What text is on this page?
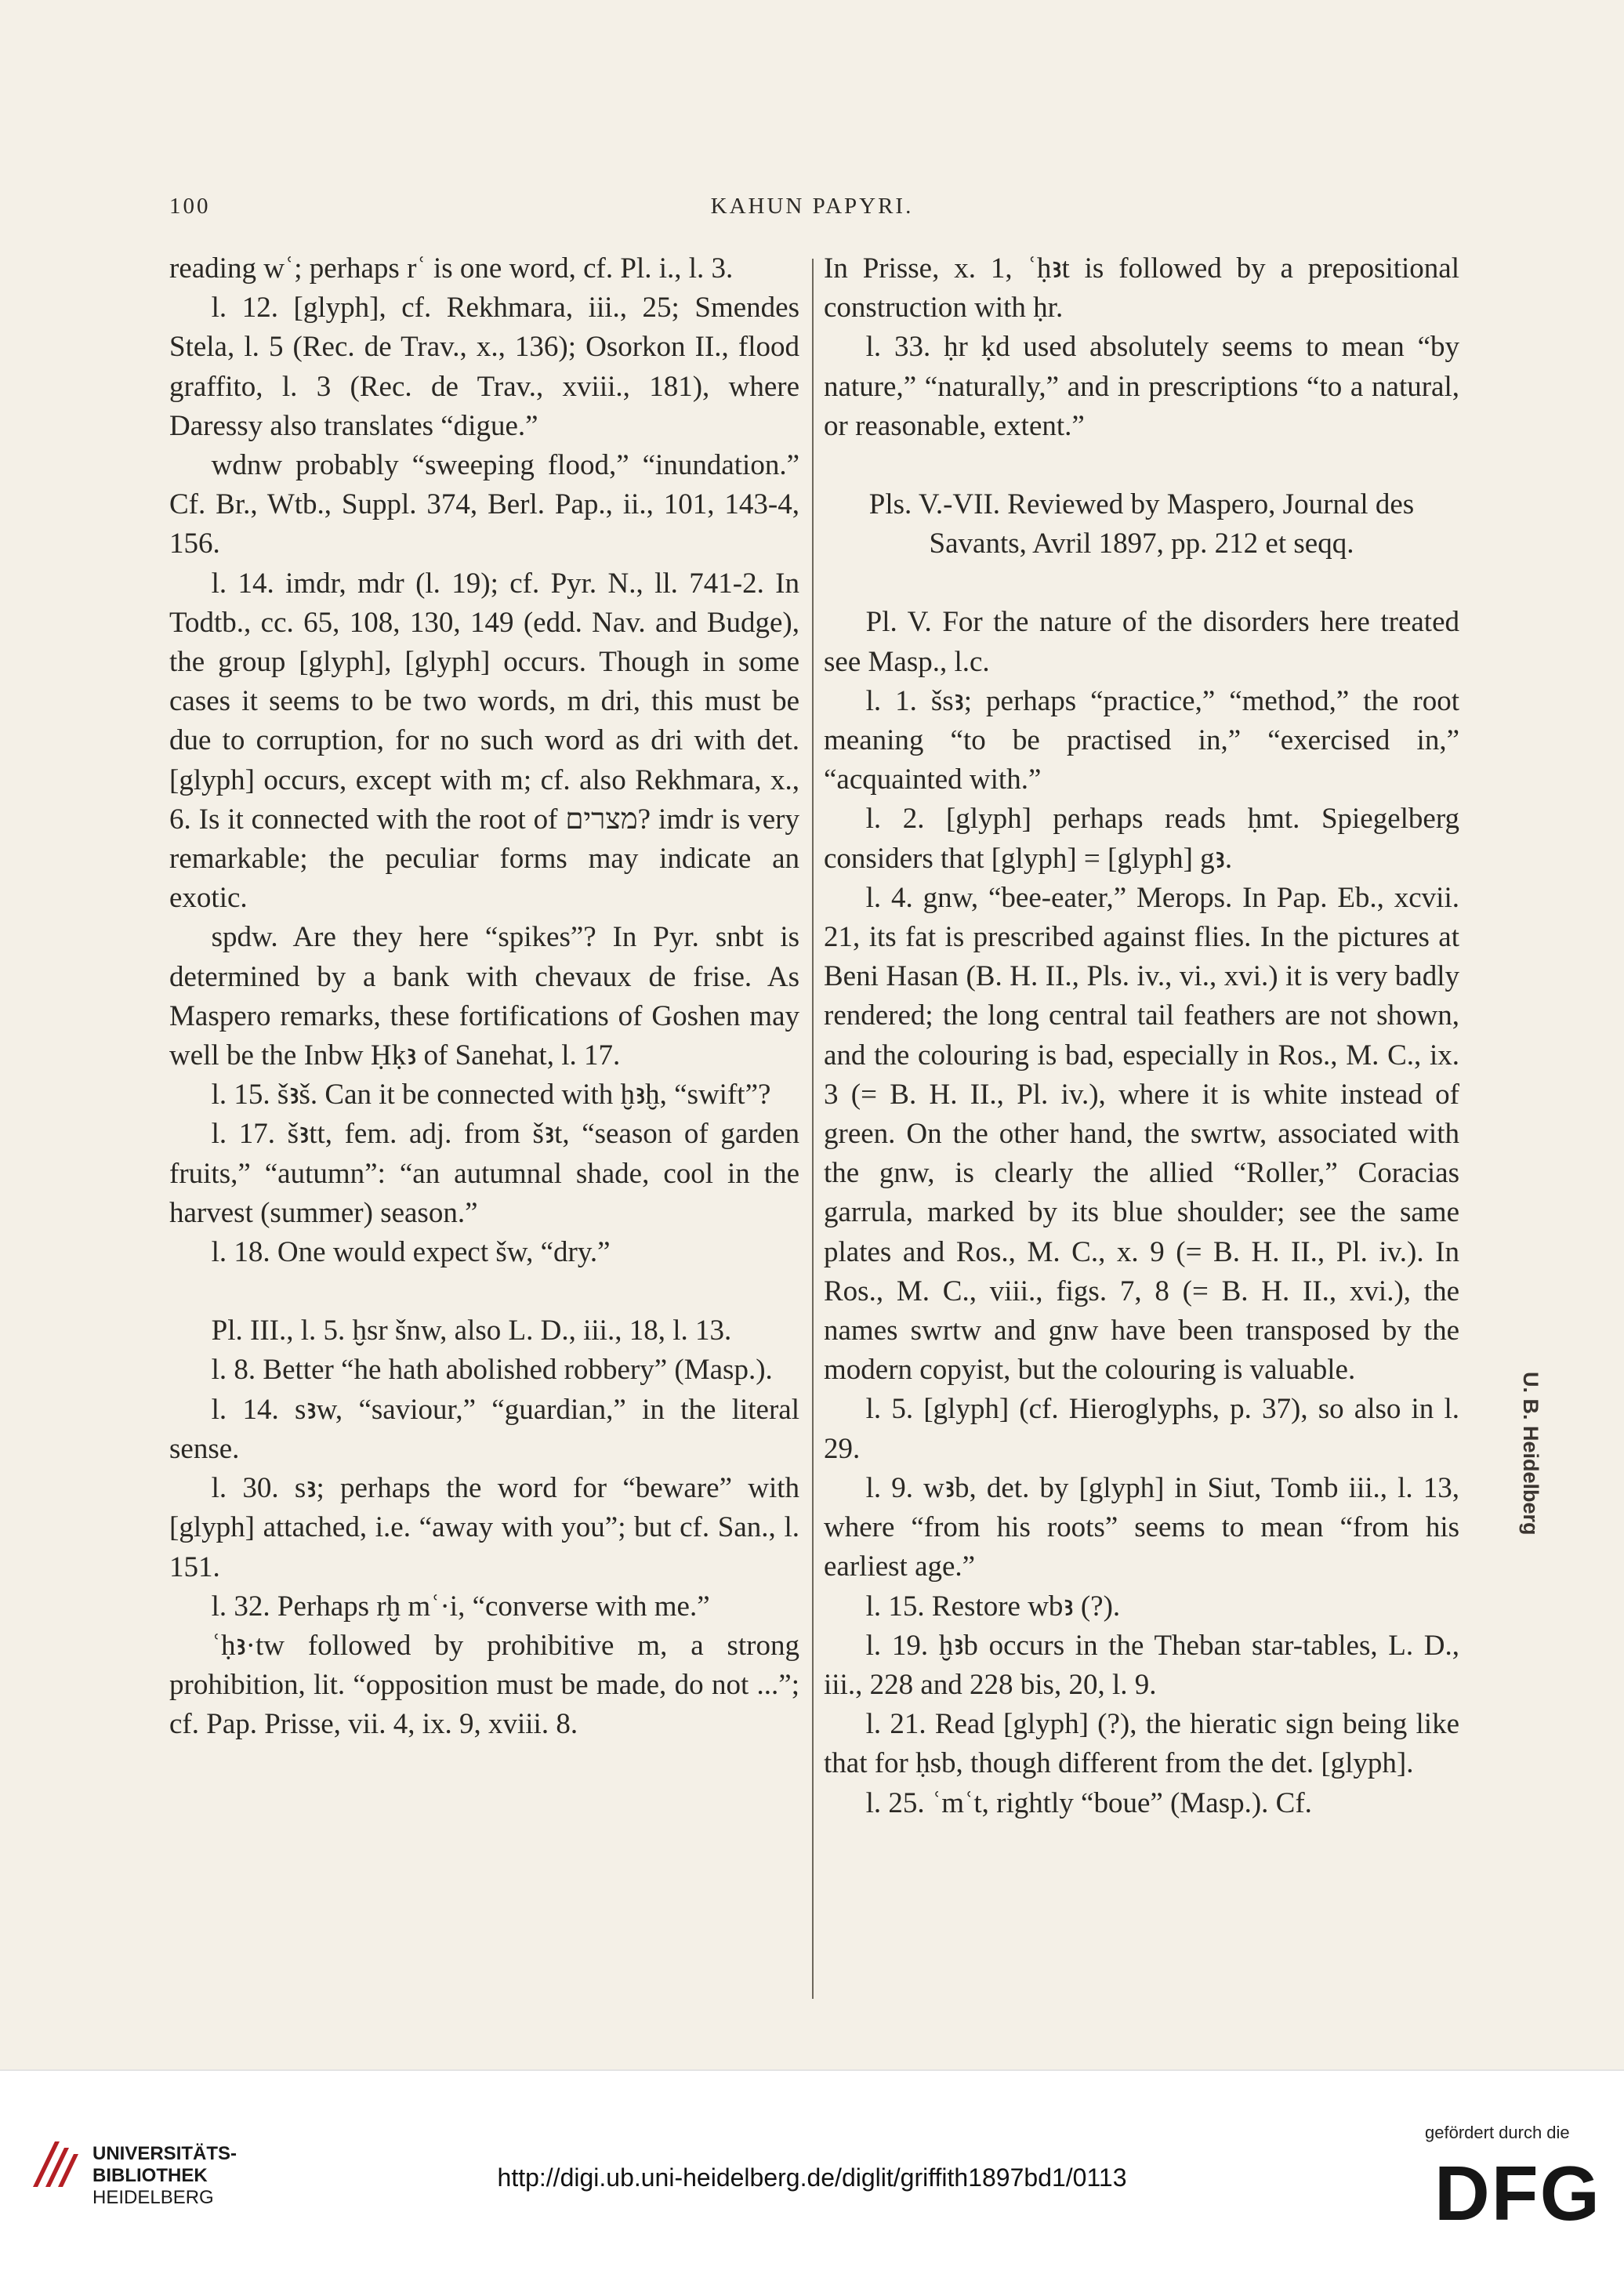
100	KAHUN PAPYRI.

reading wʿ; perhaps rʿ is one word, cf. Pl. i., l. 3.

l. 12. [glyph], cf. Rekhmara, iii., 25; Smendes Stela, l. 5 (Rec. de Trav., x., 136); Osorkon II., flood graffito, l. 3 (Rec. de Trav., xviii., 181), where Daressy also translates “digue.”

wdnw probably “sweeping flood,” “inundation.” Cf. Br., Wtb., Suppl. 374, Berl. Pap., ii., 101, 143-4, 156.

l. 14. imdr, mdr (l. 19); cf. Pyr. N., ll. 741-2. In Todtb., cc. 65, 108, 130, 149 (edd. Nav. and Budge), the group [glyph], [glyph] occurs. Though in some cases it seems to be two words, m dri, this must be due to corruption, for no such word as dri with det. [glyph] occurs, except with m; cf. also Rekhmara, x., 6. Is it connected with the root of מצרים? imdr is very remarkable; the peculiar forms may indicate an exotic.

spdw. Are they here “spikes”? In Pyr. snbt is determined by a bank with chevaux de frise. As Maspero remarks, these fortifications of Goshen may well be the Inbw Ḥḳꜣ of Sanehat, l. 17.

l. 15. šꜣš. Can it be connected with ḫꜣḫ, “swift”?

l. 17. šꜣtt, fem. adj. from šꜣt, “season of garden fruits,” “autumn”: “an autumnal shade, cool in the harvest (summer) season.”

l. 18. One would expect šw, “dry.”

Pl. III., l. 5. ḫsr šnw, also L. D., iii., 18, l. 13.

l. 8. Better “he hath abolished robbery” (Masp.).

l. 14. sꜣw, “saviour,” “guardian,” in the literal sense.

l. 30. sꜣ; perhaps the word for “beware” with [glyph] attached, i.e. “away with you”; but cf. San., l. 151.

l. 32. Perhaps rḫ mʿ·i, “converse with me.”

ʿḥꜣ·tw followed by prohibitive m, a strong prohibition, lit. “opposition must be made, do not ...”; cf. Pap. Prisse, vii. 4, ix. 9, xviii. 8.

In Prisse, x. 1, ʿḥꜣt is followed by a prepositional construction with ḥr.

l. 33. ḥr ḳd used absolutely seems to mean “by nature,” “naturally,” and in prescriptions “to a natural, or reasonable, extent.”

Pls. V.-VII. Reviewed by Maspero, Journal des Savants, Avril 1897, pp. 212 et seqq.

Pl. V. For the nature of the disorders here treated see Masp., l.c.

l. 1. šsꜣ; perhaps “practice,” “method,” the root meaning “to be practised in,” “exercised in,” “acquainted with.”

l. 2. [glyph] perhaps reads ḥmt. Spiegelberg considers that [glyph] = [glyph] gꜣ.

l. 4. gnw, “bee-eater,” Merops. In Pap. Eb., xcvii. 21, its fat is prescribed against flies. In the pictures at Beni Hasan (B. H. II., Pls. iv., vi., xvi.) it is very badly rendered; the long central tail feathers are not shown, and the colouring is bad, especially in Ros., M. C., ix. 3 (= B. H. II., Pl. iv.), where it is white instead of green. On the other hand, the swrtw, associated with the gnw, is clearly the allied “Roller,” Coracias garrula, marked by its blue shoulder; see the same plates and Ros., M. C., x. 9 (= B. H. II., Pl. iv.). In Ros., M. C., viii., figs. 7, 8 (= B. H. II., xvi.), the names swrtw and gnw have been transposed by the modern copyist, but the colouring is valuable.

l. 5. [glyph] (cf. Hieroglyphs, p. 37), so also in l. 29.

l. 9. wꜣb, det. by [glyph] in Siut, Tomb iii., l. 13, where “from his roots” seems to mean “from his earliest age.”

l. 15. Restore wbꜣ (?).

l. 19. ḫꜣb occurs in the Theban star-tables, L. D., iii., 228 and 228 bis, 20, l. 9.

l. 21. Read [glyph] (?), the hieratic sign being like that for ḥsb, though different from the det. [glyph].

l. 25. ʿmʿt, rightly “boue” (Masp.). Cf.

U. B. Heidelberg
UNIVERSITÄTS-
BIBLIOTHEK
HEIDELBERG
http://digi.ub.uni-heidelberg.de/diglit/griffith1897bd1/0113
gefördert durch die
DFG
